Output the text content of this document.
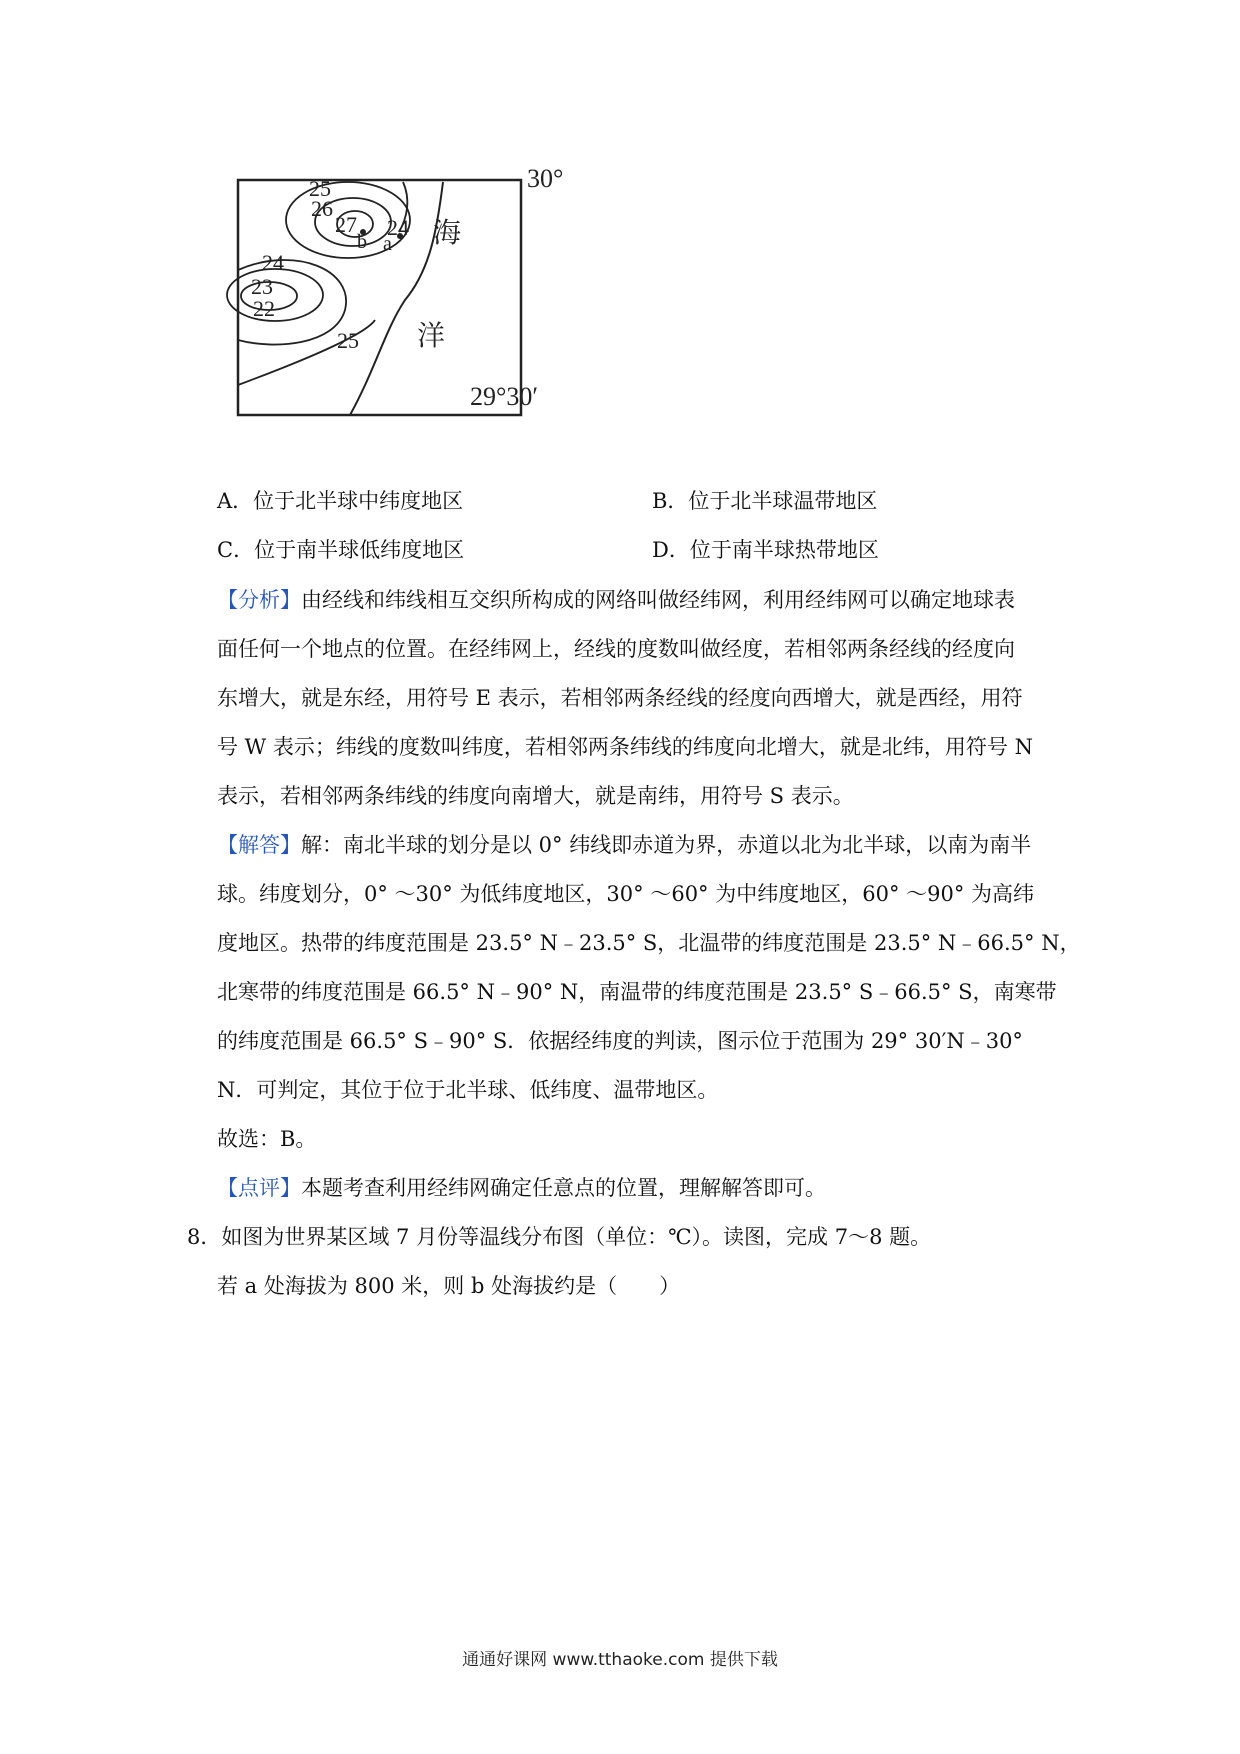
30°
29°30′
25
26
27 24
24
23
22
25
b a 海
洋
A．位于北半球中纬度地区	B．位于北半球温带地区
C．位于南半球低纬度地区	D．位于南半球热带地区
【分析】由经线和纬线相互交织所构成的网络叫做经纬网，利用经纬网可以确定地球表
面任何一个地点的位置。在经纬网上，经线的度数叫做经度，若相邻两条经线的经度向
东增大，就是东经，用符号 E 表示，若相邻两条经线的经度向西增大，就是西经，用符
号 W 表示；纬线的度数叫纬度，若相邻两条纬线的纬度向北增大，就是北纬，用符号 N
表示，若相邻两条纬线的纬度向南增大，就是南纬，用符号 S 表示。
【解答】解：南北半球的划分是以 0° 纬线即赤道为界，赤道以北为北半球，以南为南半
球。纬度划分，0° ～30° 为低纬度地区，30° ～60° 为中纬度地区，60° ～90° 为高纬
度地区。热带的纬度范围是 23.5° N﹣23.5° S，北温带的纬度范围是 23.5° N﹣66.5° N，
北寒带的纬度范围是 66.5° N﹣90° N，南温带的纬度范围是 23.5° S﹣66.5° S，南寒带
的纬度范围是 66.5° S﹣90° S．依据经纬度的判读，图示位于范围为 29° 30′N﹣30°
N．可判定，其位于位于北半球、低纬度、温带地区。
故选：B。
【点评】本题考查利用经纬网确定任意点的位置，理解解答即可。
8．如图为世界某区域 7 月份等温线分布图（单位：℃）。读图，完成 7～8 题。
若 a 处海拔为 800 米，则 b 处海拔约是（　　）
通通好课网 www.tthaoke.com 提供下载
